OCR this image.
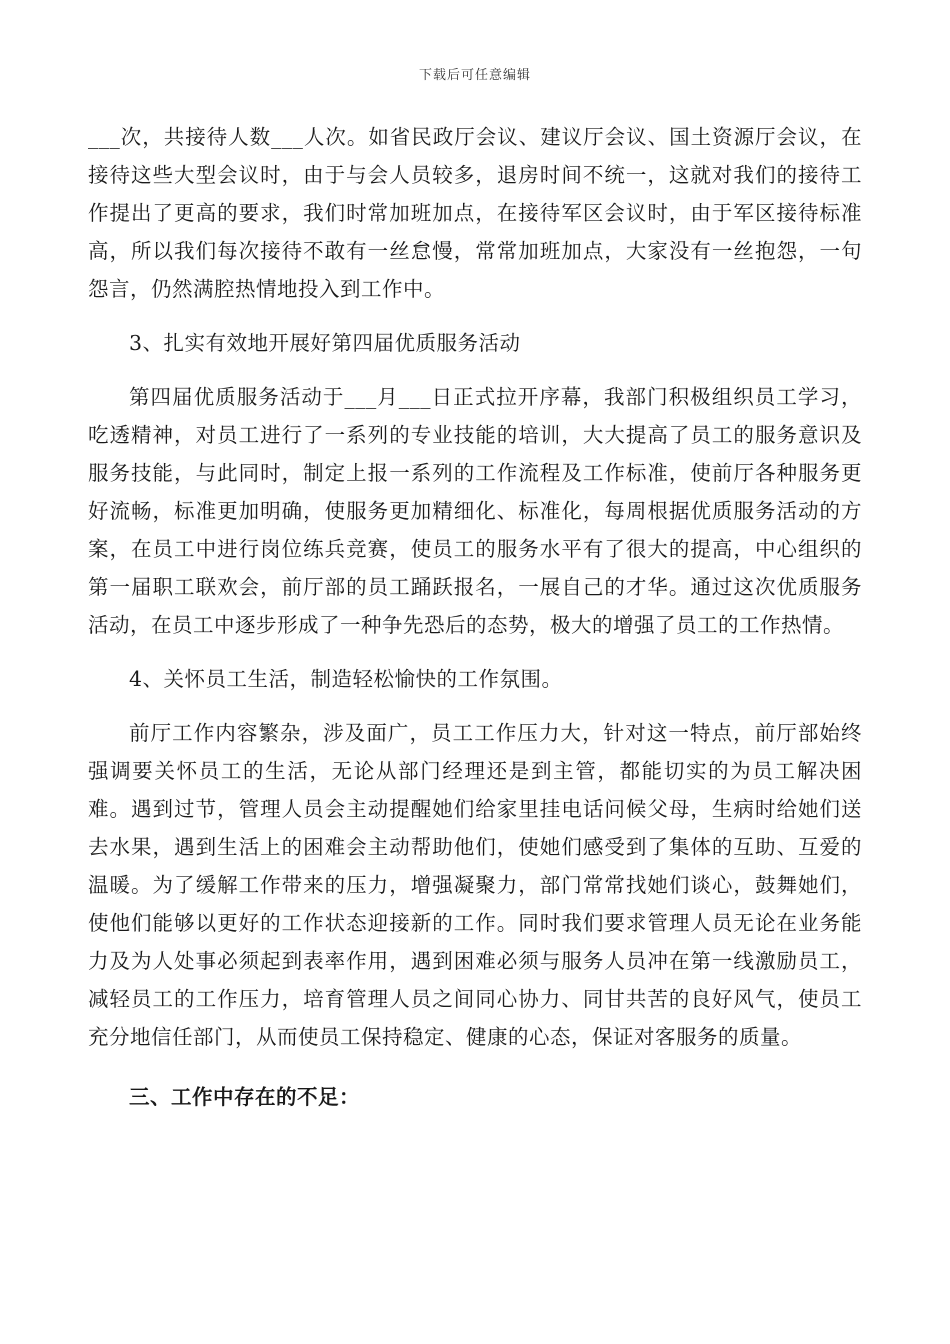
下载后可任意编辑

___次，共接待人数___人次。如省民政厅会议、建议厅会议、国土资源厅会议，在接待这些大型会议时，由于与会人员较多，退房时间不统一，这就对我们的接待工作提出了更高的要求，我们时常加班加点，在接待军区会议时，由于军区接待标准高，所以我们每次接待不敢有一丝怠慢，常常加班加点，大家没有一丝抱怨，一句怨言，仍然满腔热情地投入到工作中。

3、扎实有效地开展好第四届优质服务活动

第四届优质服务活动于___月___日正式拉开序幕，我部门积极组织员工学习，吃透精神，对员工进行了一系列的专业技能的培训，大大提高了员工的服务意识及服务技能，与此同时，制定上报一系列的工作流程及工作标准，使前厅各种服务更好流畅，标准更加明确，使服务更加精细化、标准化，每周根据优质服务活动的方案，在员工中进行岗位练兵竞赛，使员工的服务水平有了很大的提高，中心组织的第一届职工联欢会，前厅部的员工踊跃报名，一展自己的才华。通过这次优质服务活动，在员工中逐步形成了一种争先恐后的态势，极大的增强了员工的工作热情。

4、关怀员工生活，制造轻松愉快的工作氛围。

前厅工作内容繁杂，涉及面广，员工工作压力大，针对这一特点，前厅部始终强调要关怀员工的生活，无论从部门经理还是到主管，都能切实的为员工解决困难。遇到过节，管理人员会主动提醒她们给家里挂电话问候父母，生病时给她们送去水果，遇到生活上的困难会主动帮助他们，使她们感受到了集体的互助、互爱的温暖。为了缓解工作带来的压力，增强凝聚力，部门常常找她们谈心，鼓舞她们，使他们能够以更好的工作状态迎接新的工作。同时我们要求管理人员无论在业务能力及为人处事必须起到表率作用，遇到困难必须与服务人员冲在第一线激励员工，减轻员工的工作压力，培育管理人员之间同心协力、同甘共苦的良好风气，使员工充分地信任部门，从而使员工保持稳定、健康的心态，保证对客服务的质量。

三、工作中存在的不足：
